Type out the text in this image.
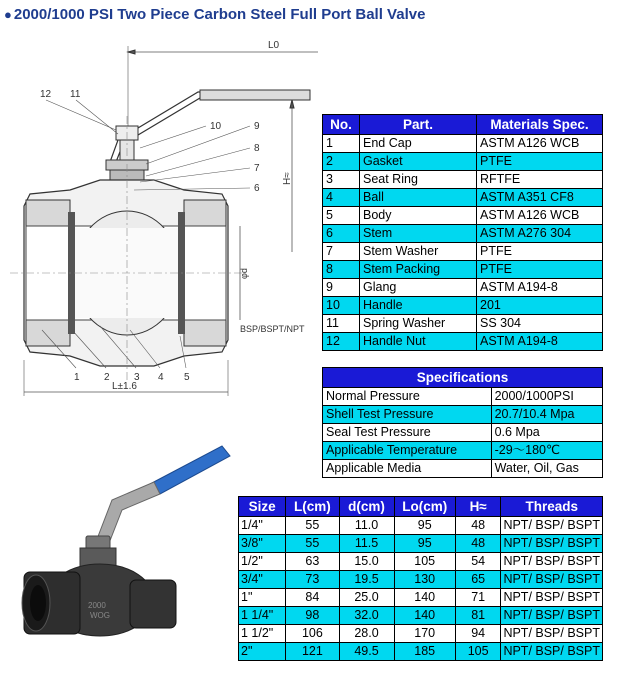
● 2000/1000 PSI Two Piece Carbon Steel Full Port Ball Valve
L0
H≈
φd
BSP/BSPT/NPT
L±1.6
12 11
10	9
8
7
6
1 2 3 4 5
2000
WOG
No.	Part.	Materials Spec.
1	End Cap	ASTM A126 WCB
2	Gasket	PTFE
3	Seat Ring	RFTFE
4	Ball	ASTM A351 CF8
5	Body	ASTM A126 WCB
6	Stem	ASTM A276 304
7	Stem Washer	PTFE
8	Stem Packing	PTFE
9	Glang	ASTM A194-8
10	Handle	201
11	Spring Washer	SS 304
12	Handle Nut	ASTM A194-8
Specifications	
Normal Pressure	2000/1000PSI
Shell Test Pressure	20.7/10.4 Mpa
Seal Test Pressure	0.6 Mpa
Applicable Temperature	-29～180℃
Applicable Media	Water, Oil, Gas
Size	L(cm)	d(cm)	Lo(cm)	H≈	Threads
1/4"	55	11.0	95	48	NPT/ BSP/ BSPT
3/8"	55	11.5	95	48	NPT/ BSP/ BSPT
1/2"	63	15.0	105	54	NPT/ BSP/ BSPT
3/4"	73	19.5	130	65	NPT/ BSP/ BSPT
1"	84	25.0	140	71	NPT/ BSP/ BSPT
1 1/4"	98	32.0	140	81	NPT/ BSP/ BSPT
1 1/2"	106	28.0	170	94	NPT/ BSP/ BSPT
2"	121	49.5	185	105	NPT/ BSP/ BSPT
